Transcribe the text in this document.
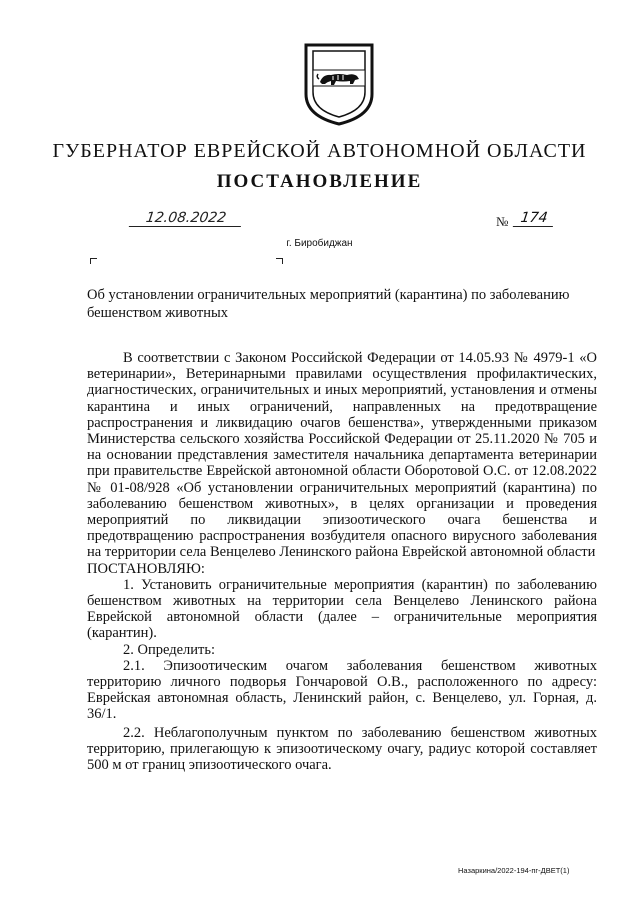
ГУБЕРНАТОР ЕВРЕЙСКОЙ АВТОНОМНОЙ ОБЛАСТИ
ПОСТАНОВЛЕНИЕ
12.08.2022	№ 174
г. Биробиджан
Об установлении ограничительных мероприятий (карантина) по заболеванию бешенством животных

В соответствии с Законом Российской Федерации от 14.05.93 № 4979-1 «О ветеринарии», Ветеринарными правилами осуществления профилактических, диагностических, ограничительных и иных мероприятий, установления и отмены карантина и иных ограничений, направленных на предотвращение распространения и ликвидацию очагов бешенства», утвержденными приказом Министерства сельского хозяйства Российской Федерации от 25.11.2020 № 705 и на основании представления заместителя начальника департамента ветеринарии при правительстве Еврейской автономной области Оборотовой О.С. от 12.08.2022 № 01-08/928 «Об установлении ограничительных мероприятий (карантина) по заболеванию бешенством животных», в целях организации и проведения мероприятий по ликвидации эпизоотического очага бешенства и предотвращению распространения возбудителя опасного вирусного заболевания на территории села Венцелево Ленинского района Еврейской автономной области

ПОСТАНОВЛЯЮ:

1. Установить ограничительные мероприятия (карантин) по заболеванию бешенством животных на территории села Венцелево Ленинского района Еврейской автономной области (далее – ограничительные мероприятия (карантин).

2. Определить:

2.1. Эпизоотическим очагом заболевания бешенством животных территорию личного подворья Гончаровой О.В., расположенного по адресу: Еврейская автономная область, Ленинский район, с. Венцелево, ул. Горная, д. 36/1.

2.2. Неблагополучным пунктом по заболеванию бешенством животных территорию, прилегающую к эпизоотическому очагу, радиус которой составляет 500 м от границ эпизоотического очага.

Назаркина/2022-194-пг-ДВЕТ(1)
